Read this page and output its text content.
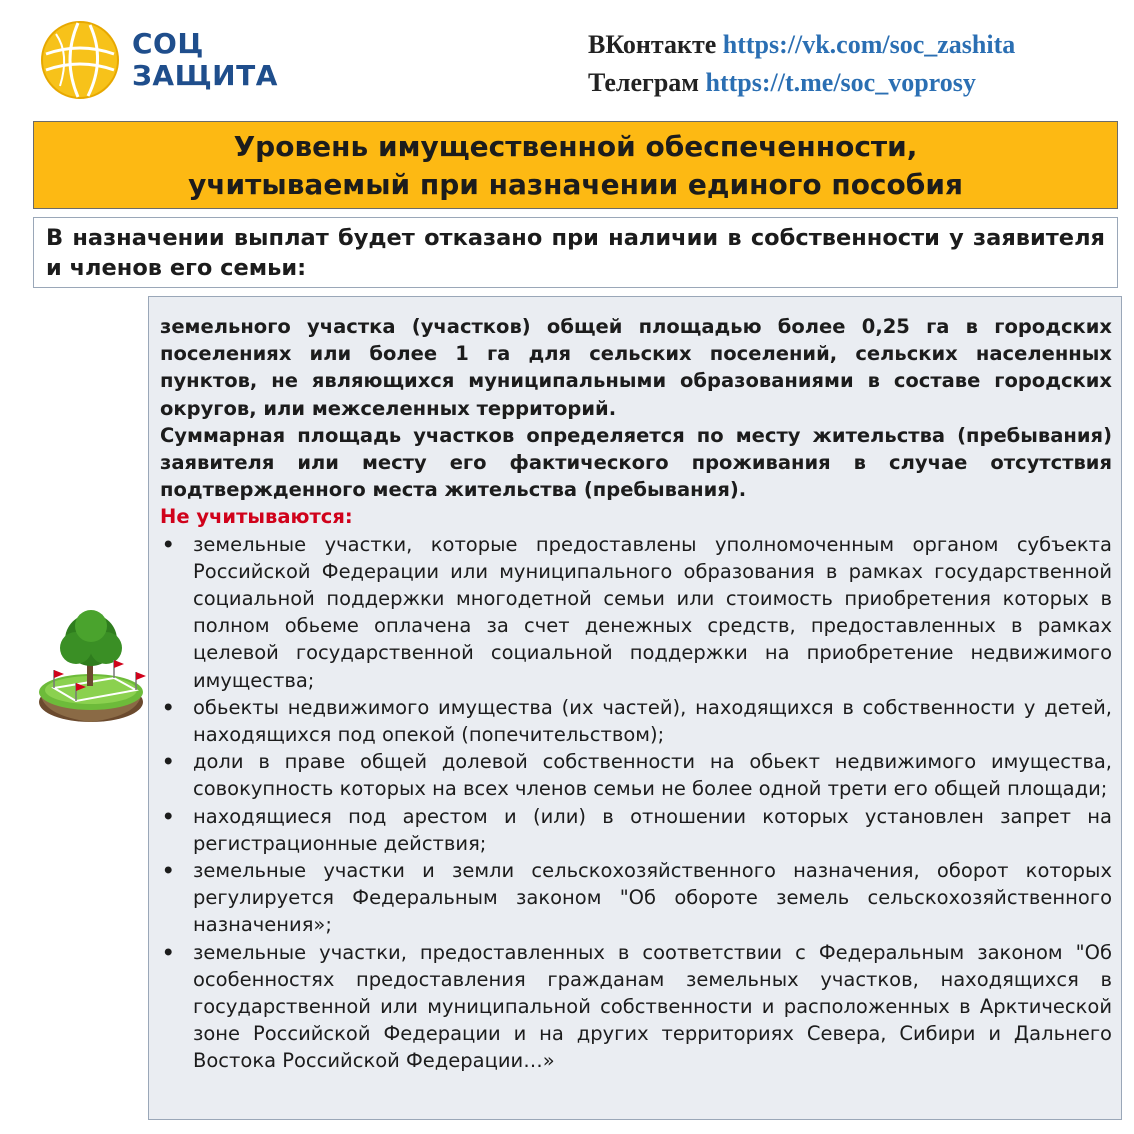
СОЦ
ЗАЩИТА
ВКонтакте https://vk.com/soc_zashita
Телеграм https://t.me/soc_voprosy
Уровень имущественной обеспеченности,
учитываемый при назначении единого пособия
В назначении выплат будет отказано при наличии в собственности у заявителя и членов его семьи:

земельного участка (участков) общей площадью более 0,25 га в городских поселениях или более 1 га для сельских поселений, сельских населенных пунктов, не являющихся муниципальными образованиями в составе городских округов, или межселенных территорий.

Суммарная площадь участков определяется по месту жительства (пребывания) заявителя или месту его фактического проживания в случае отсутствия подтвержденного места жительства (пребывания).

Не учитываются:

• земельные участки, которые предоставлены уполномоченным органом субъекта Российской Федерации или муниципального образования в рамках государственной социальной поддержки многодетной семьи или стоимость приобретения которых в полном обьеме оплачена за счет денежных средств, предоставленных в рамках целевой государственной социальной поддержки на приобретение недвижимого имущества;
• обьекты недвижимого имущества (их частей), находящихся в собственности у детей, находящихся под опекой (попечительством);
• доли в праве общей долевой собственности на обьект недвижимого имущества, совокупность которых на всех членов семьи не более одной трети его общей площади;
• находящиеся под арестом и (или) в отношении которых установлен запрет на регистрационные действия;
• земельные участки и земли сельскохозяйственного назначения, оборот которых регулируется Федеральным законом "Об обороте земель сельскохозяйственного назначения»;
• земельные участки, предоставленных в соответствии с Федеральным законом "Об особенностях предоставления гражданам земельных участков, находящихся в государственной или муниципальной собственности и расположенных в Арктической зоне Российской Федерации и на других территориях Севера, Сибири и Дальнего Востока Российской Федерации…»
